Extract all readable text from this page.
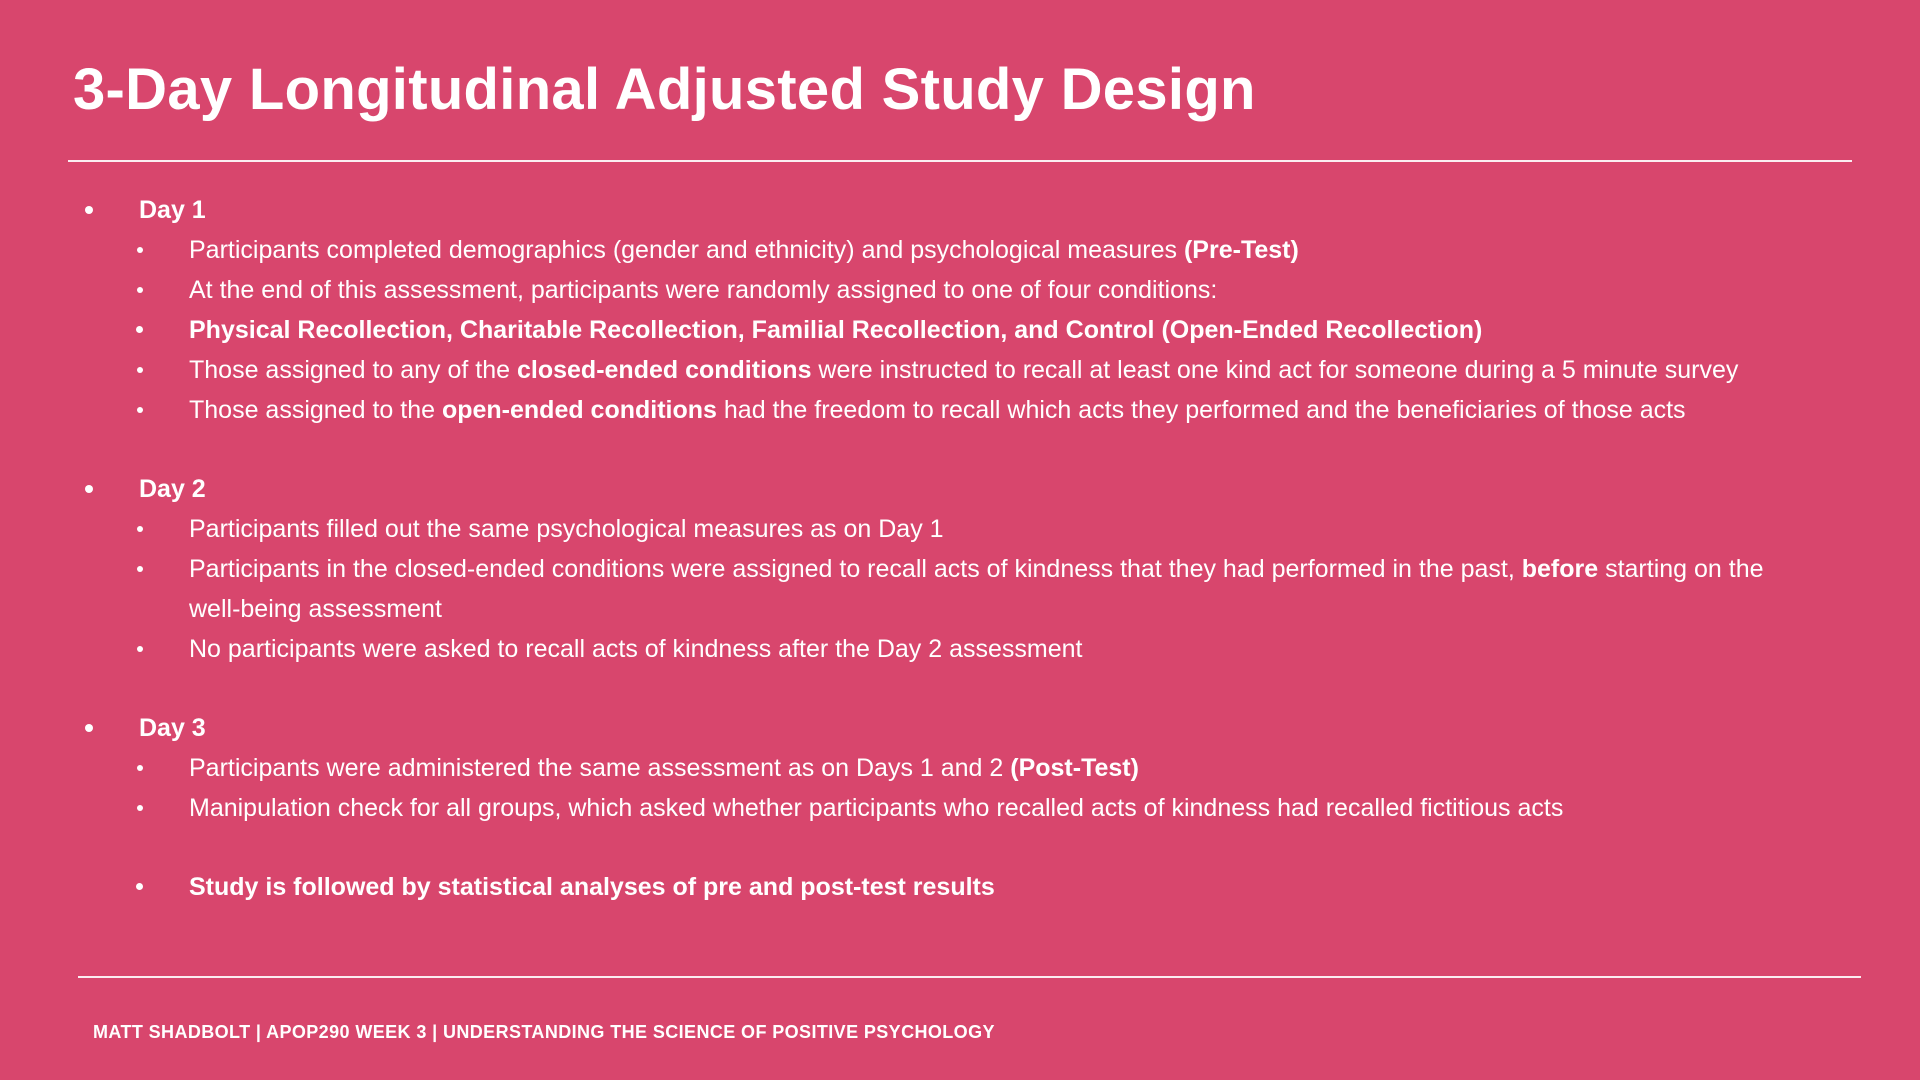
3-Day Longitudinal Adjusted Study Design
Day 1
Participants completed demographics (gender and ethnicity) and psychological measures (Pre-Test)
At the end of this assessment, participants were randomly assigned to one of four conditions:
Physical Recollection, Charitable Recollection, Familial Recollection, and Control (Open-Ended Recollection)
Those assigned to any of the closed-ended conditions were instructed to recall at least one kind act for someone during a 5 minute survey
Those assigned to the open-ended conditions had the freedom to recall which acts they performed and the beneficiaries of those acts
Day 2
Participants filled out the same psychological measures as on Day 1
Participants in the closed-ended conditions were assigned to recall acts of kindness that they had performed in the past, before starting on the well-being assessment
No participants were asked to recall acts of kindness after the Day 2 assessment
Day 3
Participants were administered the same assessment as on Days 1 and 2 (Post-Test)
Manipulation check for all groups, which asked whether participants who recalled acts of kindness had recalled fictitious acts
Study is followed by statistical analyses of pre and post-test results
MATT SHADBOLT | APOP290 WEEK 3 | UNDERSTANDING THE SCIENCE OF POSITIVE PSYCHOLOGY
